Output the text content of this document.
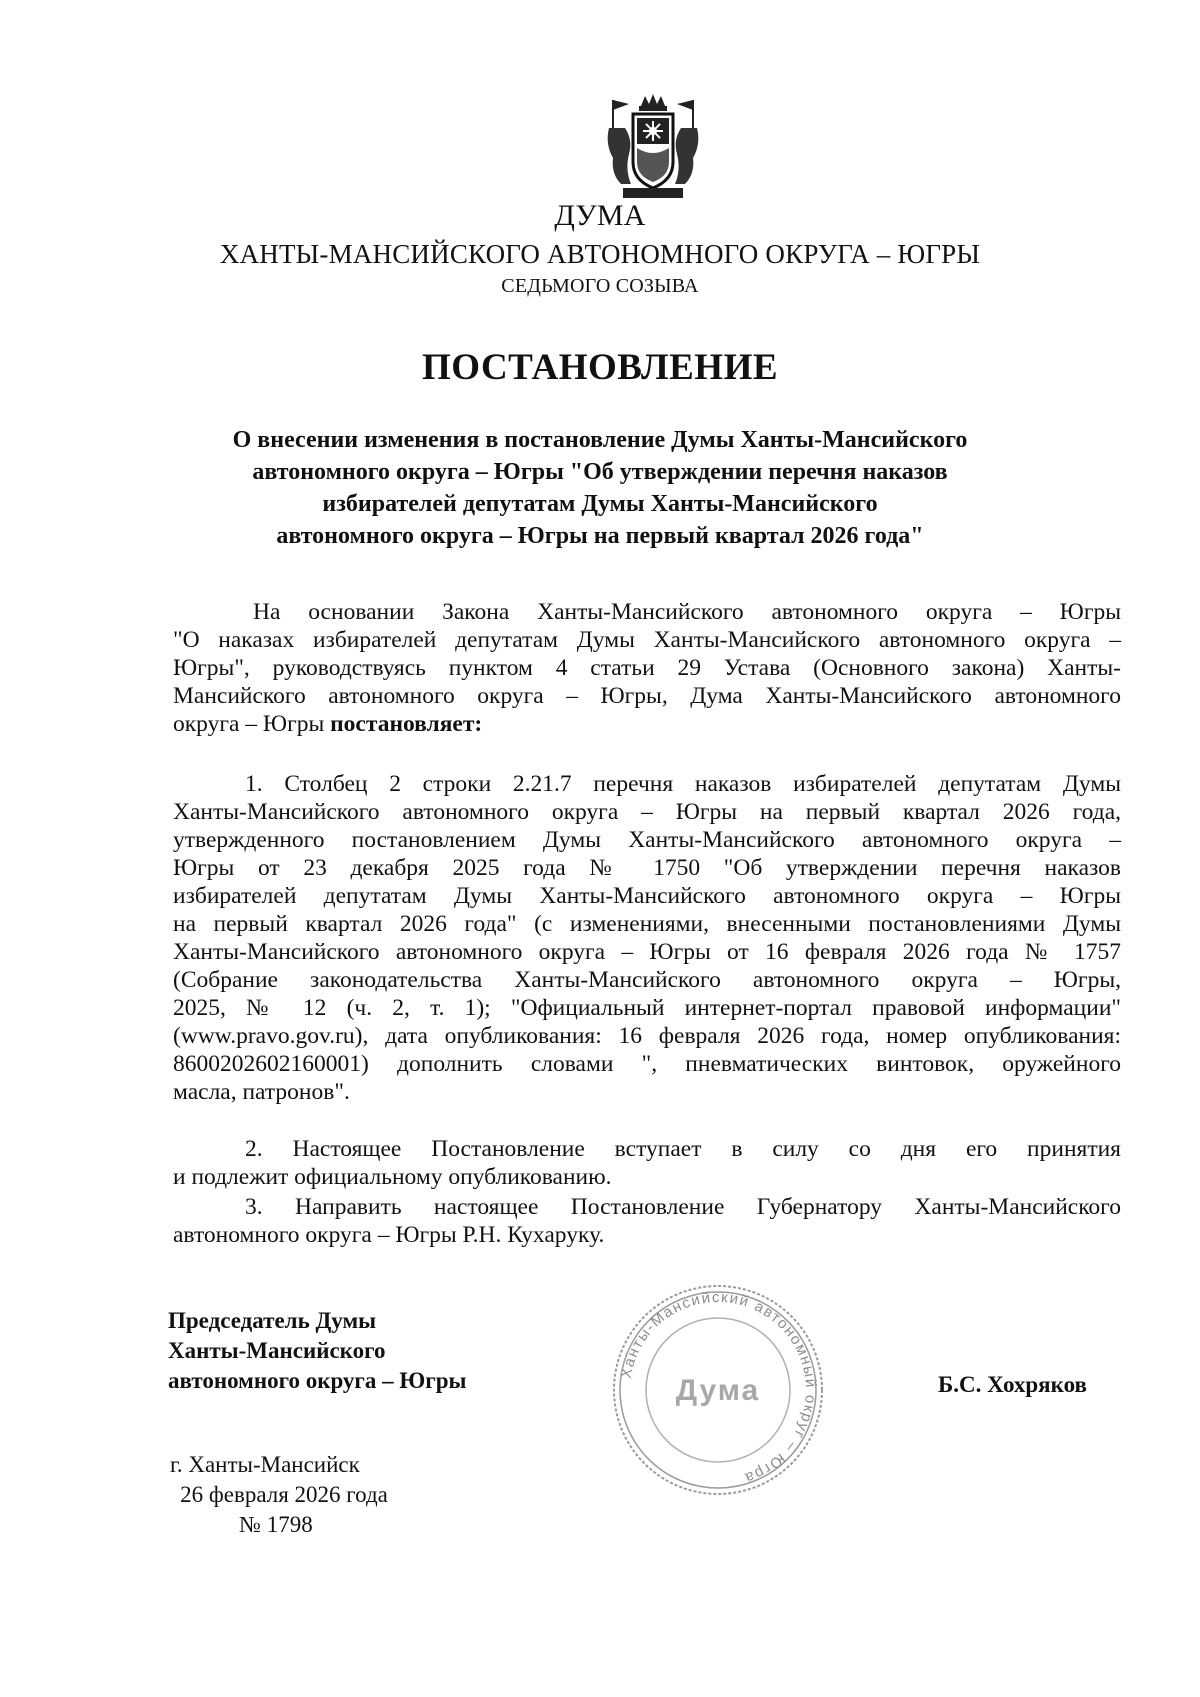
ДУМА
ХАНТЫ-МАНСИЙСКОГО АВТОНОМНОГО ОКРУГА – ЮГРЫ
СЕДЬМОГО СОЗЫВА
ПОСТАНОВЛЕНИЕ
О внесении изменения в постановление Думы Ханты-Мансийского
автономного округа – Югры "Об утверждении перечня наказов
избирателей депутатам Думы Ханты-Мансийского
автономного округа – Югры на первый квартал 2026 года"
На основании Закона Ханты-Мансийского автономного округа – Югры
"О наказах избирателей депутатам Думы Ханты-Мансийского автономного округа –
Югры", руководствуясь пунктом 4 статьи 29 Устава (Основного закона) Ханты-
Мансийского автономного округа – Югры, Дума Ханты-Мансийского автономного
округа – Югры постановляет:
1. Столбец 2 строки 2.21.7 перечня наказов избирателей депутатам Думы
Ханты-Мансийского автономного округа – Югры на первый квартал 2026 года,
утвержденного постановлением Думы Ханты-Мансийского автономного округа –
Югры от 23 декабря 2025 года № 1750 "Об утверждении перечня наказов
избирателей депутатам Думы Ханты-Мансийского автономного округа – Югры
на первый квартал 2026 года" (с изменениями, внесенными постановлениями Думы
Ханты-Мансийского автономного округа – Югры от 16 февраля 2026 года № 1757
(Собрание законодательства Ханты-Мансийского автономного округа – Югры,
2025, № 12 (ч. 2, т. 1); "Официальный интернет-портал правовой информации"
(www.pravo.gov.ru), дата опубликования: 16 февраля 2026 года, номер опубликования:
8600202602160001) дополнить словами ", пневматических винтовок, оружейного
масла, патронов".
2. Настоящее Постановление вступает в силу со дня его принятия
и подлежит официальному опубликованию.
3. Направить настоящее Постановление Губернатору Ханты-Мансийского
автономного округа – Югры Р.Н. Кухаруку.
Председатель Думы
Ханты-Мансийского
автономного округа – Югры	Ханты-Мансийский автономный округ – Югра
Дума	Б.С. Хохряков
г. Ханты-Мансийск
26 февраля 2026 года
№ 1798
